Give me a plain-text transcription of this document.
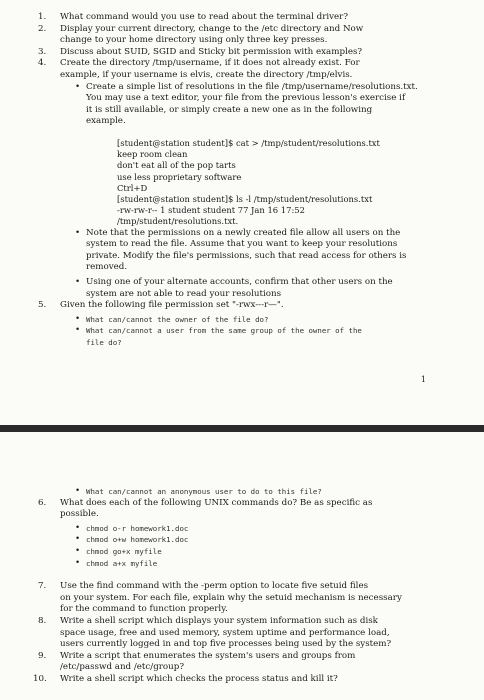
1.	What command would you use to read about the terminal driver?
2.	Display your current directory, change to the /etc directory and Now
change to your home directory using only three key presses.
3.	Discuss about SUID, SGID and Sticky bit permission with examples?
4.	Create the directory /tmp/username, if it does not already exist. For
example, if your username is elvis, create the directory /tmp/elvis.
• Create a simple list of resolutions in the file /tmp/username/resolutions.txt.
You may use a text editor, your file from the previous lesson's exercise if
it is still available, or simply create a new one as in the following
example.
[student@station student]$ cat > /tmp/student/resolutions.txt
keep room clean
don't eat all of the pop tarts
use less proprietary software
Ctrl+D
[student@station student]$ ls -l /tmp/student/resolutions.txt
-rw-rw-r-- 1 student student 77 Jan 16 17:52
/tmp/student/resolutions.txt.
• Note that the permissions on a newly created file allow all users on the
system to read the file. Assume that you want to keep your resolutions
private. Modify the file's permissions, such that read access for others is
removed.
• Using one of your alternate accounts, confirm that other users on the
system are not able to read your resolutions
5.	Given the following file permission set "-rwx---r—".
• What can/cannot the owner of the file do?
• What can/cannot a user from the same group of the owner of the
file do?
1
• What can/cannot an anonymous user to do to this file?
6.	What does each of the following UNIX commands do? Be as specific as
possible.
• chmod o-r homework1.doc
• chmod o+w homework1.doc
• chmod go+x myfile
• chmod a+x myfile
7.	Use the find command with the -perm option to locate five setuid files
on your system. For each file, explain why the setuid mechanism is necessary
for the command to function properly.
8.	Write a shell script which displays your system information such as disk
space usage, free and used memory, system uptime and performance load,
users currently logged in and top five processes being used by the system?
9.	Write a script that enumerates the system's users and groups from
/etc/passwd and /etc/group?
10.	Write a shell script which checks the process status and kill it?
